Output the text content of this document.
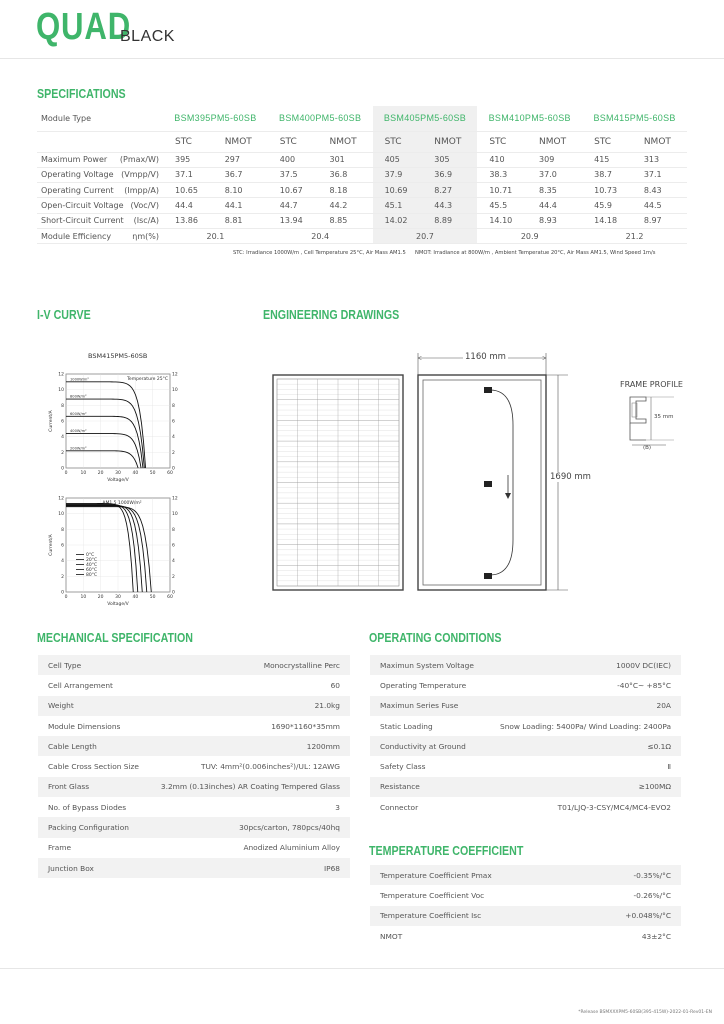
QUAD
BLACK
SPECIFICATIONS
Module Type	BSM395PM5-60SB		BSM400PM5-60SB		BSM405PM5-60SB		BSM410PM5-60SB		BSM415PM5-60SB	
	STC	NMOT	STC	NMOT	STC	NMOT	STC	NMOT	STC	NMOT
Maximum Power (Pmax/W)	395	297	400	301	405	305	410	309	415	313
Operating Voltage (Vmpp/V)	37.1	36.7	37.5	36.8	37.9	36.9	38.3	37.0	38.7	37.1
Operating Current (Impp/A)	10.65	8.10	10.67	8.18	10.69	8.27	10.71	8.35	10.73	8.43
Open-Circuit Voltage (Voc/V)	44.4	44.1	44.7	44.2	45.1	44.3	45.5	44.4	45.9	44.5
Short-Circuit Current (Isc/A)	13.86	8.81	13.94	8.85	14.02	8.89	14.10	8.93	14.18	8.97
Module Efficiency ηm(%)	20.1		20.4		20.7		20.9		21.2	
STC: Irradiance 1000W/m , Cell Temperature 25°C, Air Mass AM1.5 NMOT: Irradiance at 800W/m , Ambient Temperatue 20°C, Air Mass AM1.5, Wind Speed 1m/s
I-V CURVE
BSM415PM5-60SB
0	10	20	30	40	50	60
0
2
4
6
8
10
12
0
2
4
6
8
10
12
Voltage/V
Current/A
Temperature 25°C
1000W/m²
800W/m²
600W/m²
400W/m²
200W/m²
0	10	20	30	40	50	60
0
2
4
6
8
10
12
0
2
4
6
8
10
12
Voltage/V
Current/A
AM1.5 1000W/m²
0°C
20°C
40°C
60°C
80°C
ENGINEERING DRAWINGS
1160 mm
1690 mm
FRAME PROFILE
35 mm
(B)
MECHANICAL SPECIFICATION
Cell Type	Monocrystalline Perc
Cell Arrangement	60
Weight	21.0kg
Module Dimensions	1690*1160*35mm
Cable Length	1200mm
Cable Cross Section Size	TUV: 4mm²(0.006inches²)/UL: 12AWG
Front Glass	3.2mm (0.13inches) AR Coating Tempered Glass
No. of Bypass Diodes	3
Packing Configuration	30pcs/carton, 780pcs/40hq
Frame	Anodized Aluminium Alloy
Junction Box	IP68
OPERATING CONDITIONS
Maximun System Voltage	1000V DC(IEC)
Operating Temperature	-40°C~ +85°C
Maximun Series Fuse	20A
Static Loading	Snow Loading: 5400Pa/ Wind Loading: 2400Pa
Conductivity at Ground	≤0.1Ω
Safety Class	Ⅱ
Resistance	≥100MΩ
Connector	T01/LJQ-3-CSY/MC4/MC4-EVO2
TEMPERATURE COEFFICIENT
Temperature Coefficient Pmax	-0.35%/°C
Temperature Coefficient Voc	-0.26%/°C
Temperature Coefficient Isc	+0.048%/°C
NMOT	43±2°C
*Release BSMXXXPM5-60SB(395-415W)-2022-01-Rev01-EN
